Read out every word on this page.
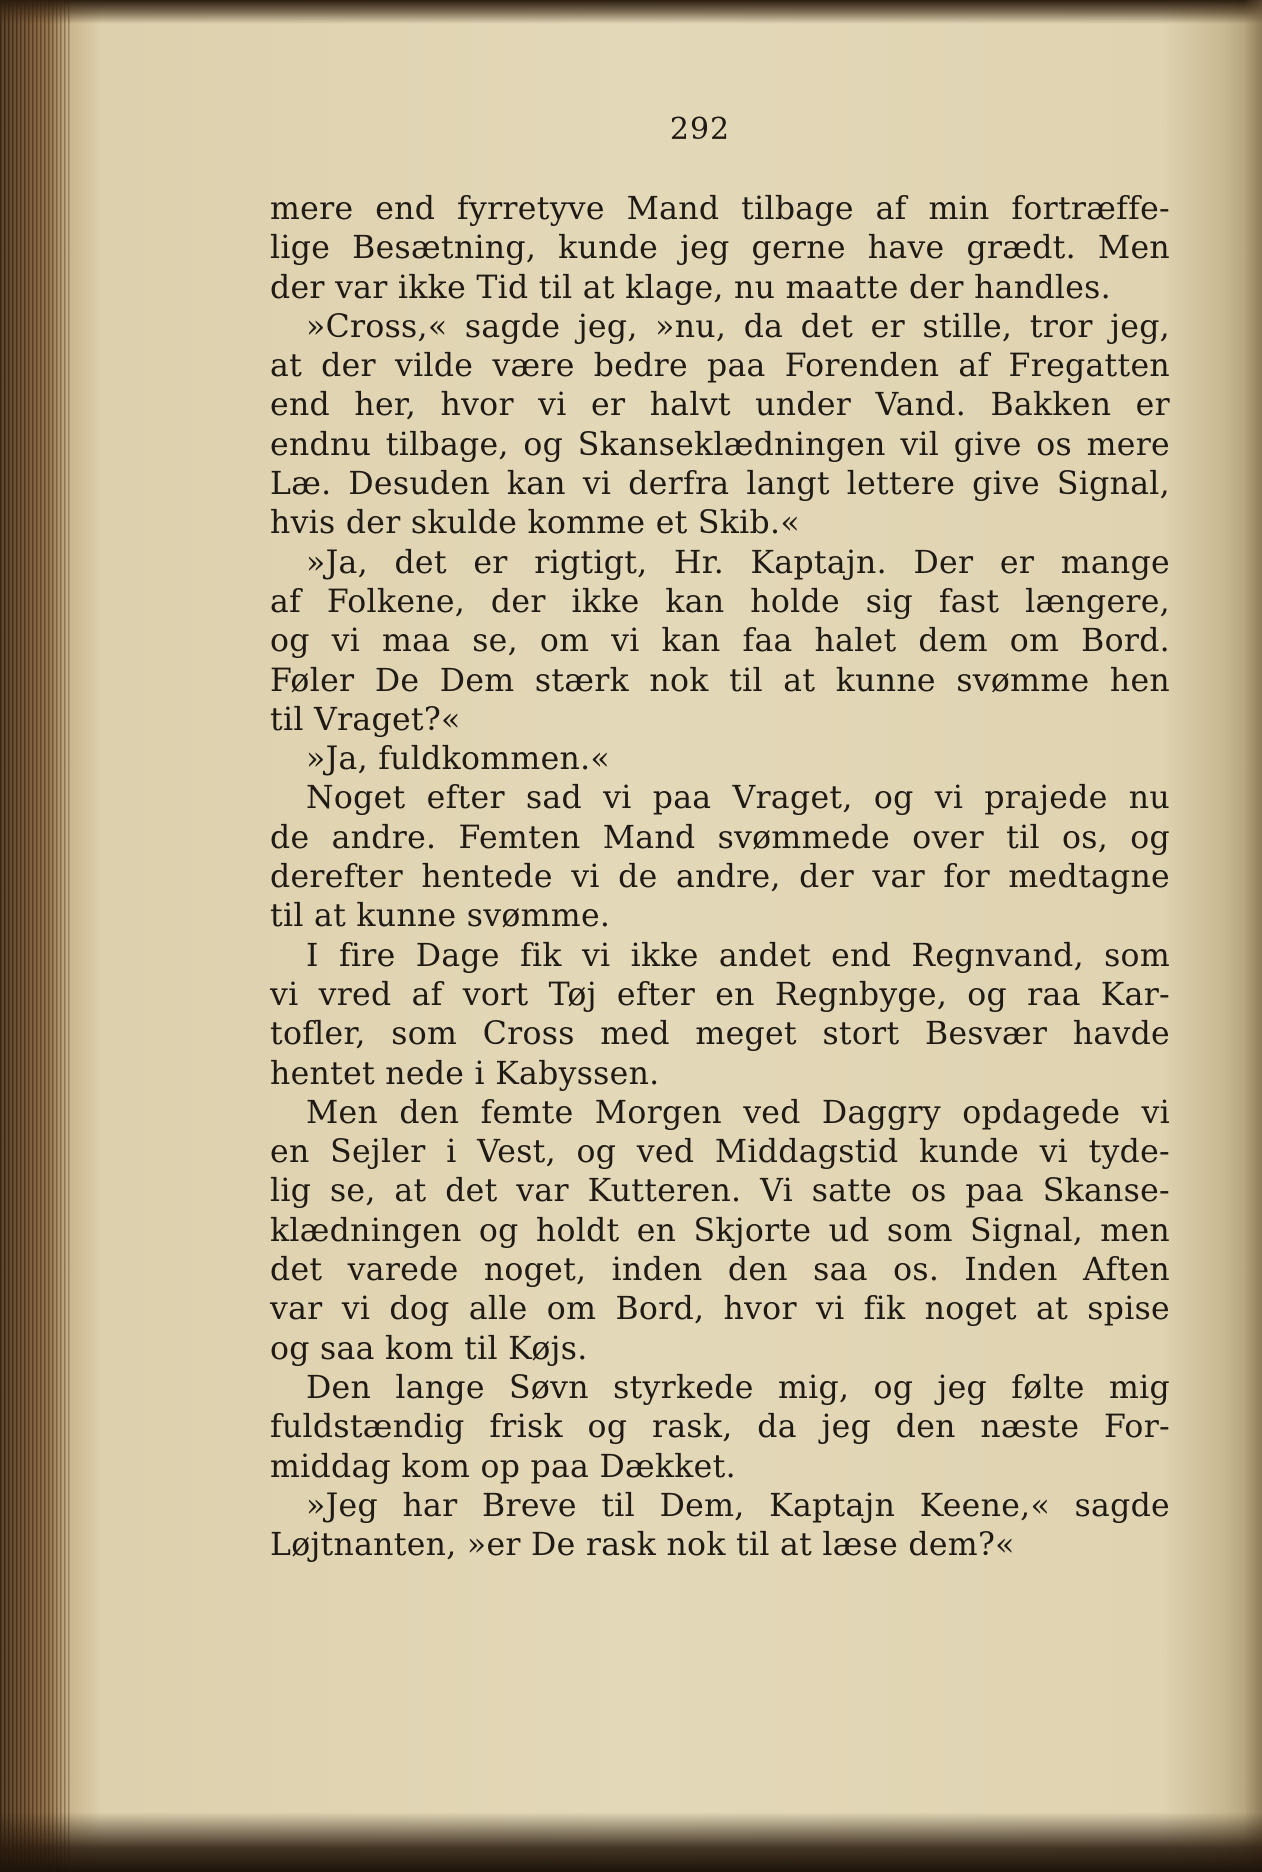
292
mere end fyrretyve Mand tilbage af min fortræffe-
lige Besætning, kunde jeg gerne have grædt. Men
der var ikke Tid til at klage, nu maatte der handles.
»Cross,« sagde jeg, »nu, da det er stille, tror jeg,
at der vilde være bedre paa Forenden af Fregatten
end her, hvor vi er halvt under Vand. Bakken er
endnu tilbage, og Skanseklædningen vil give os mere
Læ. Desuden kan vi derfra langt lettere give Signal,
hvis der skulde komme et Skib.«
»Ja, det er rigtigt, Hr. Kaptajn. Der er mange
af Folkene, der ikke kan holde sig fast længere,
og vi maa se, om vi kan faa halet dem om Bord.
Føler De Dem stærk nok til at kunne svømme hen
til Vraget?«
»Ja, fuldkommen.«
Noget efter sad vi paa Vraget, og vi prajede nu
de andre. Femten Mand svømmede over til os, og
derefter hentede vi de andre, der var for medtagne
til at kunne svømme.
I fire Dage fik vi ikke andet end Regnvand, som
vi vred af vort Tøj efter en Regnbyge, og raa Kar-
tofler, som Cross med meget stort Besvær havde
hentet nede i Kabyssen.
Men den femte Morgen ved Daggry opdagede vi
en Sejler i Vest, og ved Middagstid kunde vi tyde-
lig se, at det var Kutteren. Vi satte os paa Skanse-
klædningen og holdt en Skjorte ud som Signal, men
det varede noget, inden den saa os. Inden Aften
var vi dog alle om Bord, hvor vi fik noget at spise
og saa kom til Køjs.
Den lange Søvn styrkede mig, og jeg følte mig
fuldstændig frisk og rask, da jeg den næste For-
middag kom op paa Dækket.
»Jeg har Breve til Dem, Kaptajn Keene,« sagde
Løjtnanten, »er De rask nok til at læse dem?«
